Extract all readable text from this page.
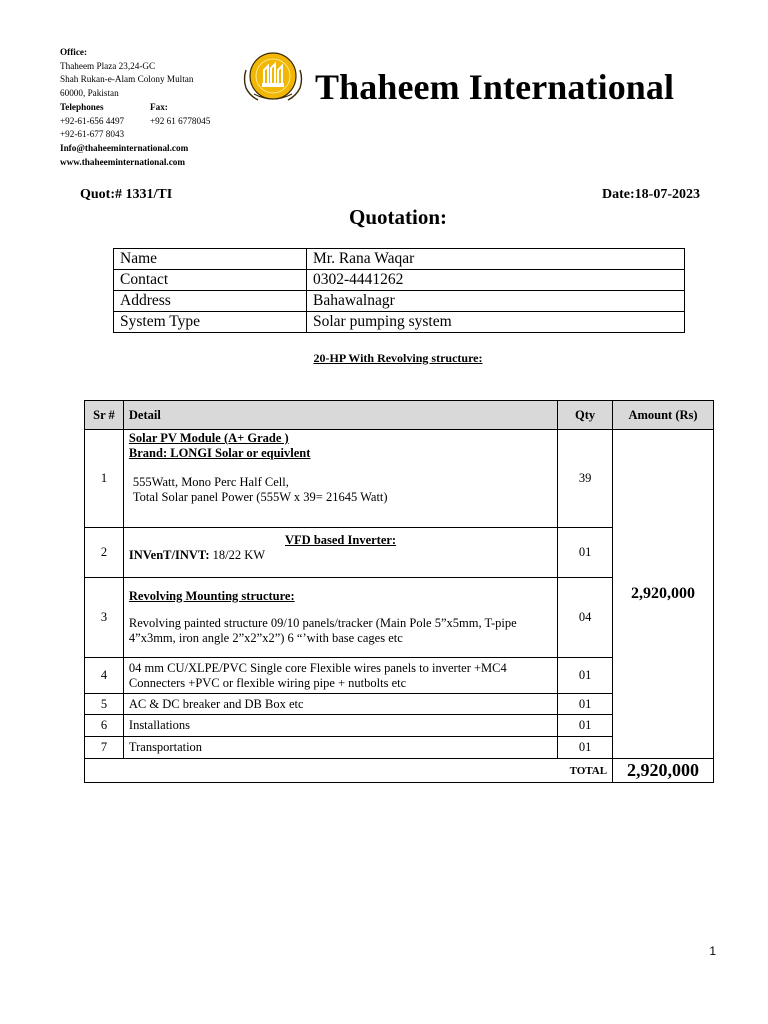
Office:
Thaheem Plaza 23,24-GC
Shah Rukan-e-Alam Colony Multan
60000, Pakistan
Telephones	Fax:
+92-61-656 4497	+92 61 6778045
+92-61-677 8043
Info@thaheeminternational.com
www.thaheeminternational.com
Thaheem International
Quot:# 1331/TI	Date:18-07-2023
Quotation:
Name	Mr. Rana Waqar
Contact	0302-4441262
Address	Bahawalnagr
System Type	Solar pumping system
20-HP With Revolving structure:
Sr #	Detail	Qty	Amount (Rs)
1	Solar PV Module (A+ Grade )
Brand: LONGI Solar or equivlent
555Watt, Mono Perc Half Cell,
Total Solar panel Power (555W x 39= 21645 Watt)	39	2,920,000
2	VFD based Inverter:
INVenT/INVT: 18/22 KW	01	
3	Revolving Mounting structure:
Revolving painted structure 09/10 panels/tracker (Main Pole 5”x5mm, T-pipe 4”x3mm, iron angle 2”x2”x2”) 6 “’with base cages etc	04	
4	04 mm CU/XLPE/PVC Single core Flexible wires panels to inverter +MC4 Connecters +PVC or flexible wiring pipe + nutbolts etc	01	
5	AC & DC breaker and DB Box etc	01	
6	Installations	01	
7	Transportation	01	
TOTAL			2,920,000
1
